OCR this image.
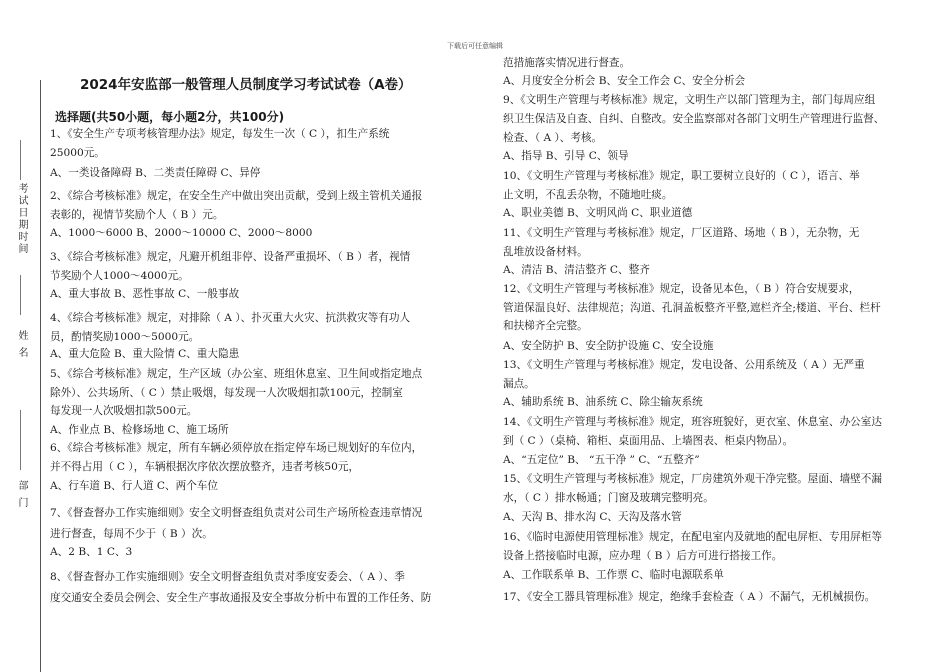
下载后可任意编辑
考试日期时间
姓 名
部 门
2024年安监部一般管理人员制度学习考试试卷（A卷）
选择题(共50小题，每小题2分，共100分)

1、《安全生产专项考核管理办法》规定，每发生一次（ C ），扣生产系统

25000元。

A、一类设备障碍 B、二类责任障碍 C、异停

2、《综合考核标准》规定，在安全生产中做出突出贡献，受到上级主管机关通报

表彰的，视情节奖励个人（ B ）元。

A、1000～6000 B、2000～10000 C、2000～8000

3、《综合考核标准》规定，凡避开机组非停、设备严重损坏、（ B ）者，视情

节奖励个人1000～4000元。

A、重大事故 B、恶性事故 C、一般事故

4、《综合考核标准》规定，对排除（ A ）、扑灭重大火灾、抗洪救灾等有功人

员，酌情奖励1000～5000元。

A、重大危险 B、重大险情 C、重大隐患

5、《综合考核标准》规定，生产区域（办公室、班组休息室、卫生间或指定地点

除外）、公共场所、（ C ）禁止吸烟，每发现一人次吸烟扣款100元，控制室

每发现一人次吸烟扣款500元。

A、作业点 B、检修场地 C、施工场所

6、《综合考核标准》规定，所有车辆必须停放在指定停车场已规划好的车位内，

并不得占用（ C ），车辆根据次序依次摆放整齐，违者考核50元，

A、行车道 B、行人道 C、两个车位

7、《督查督办工作实施细则》安全文明督查组负责对公司生产场所检查违章情况

进行督查，每周不少于（ B ）次。

A、2 B、1 C、3

8、《督查督办工作实施细则》安全文明督查组负责对季度安委会、（ A ）、季

度交通安全委员会例会、安全生产事故通报及安全事故分析中布置的工作任务、防

范措施落实情况进行督查。

A、月度安全分析会 B、安全工作会 C、安全分析会

9、《文明生产管理与考核标准》规定，文明生产以部门管理为主，部门每周应组

织卫生保洁及自查、自纠、自整改。安全监察部对各部门文明生产管理进行监督、

检查、（ A ）、考核。

A、指导 B、引导 C、领导

10、《文明生产管理与考核标准》规定，职工要树立良好的（ C ），语言、举

止文明，不乱丢杂物，不随地吐痰。

A、职业美德 B、文明风尚 C、职业道德

11、《文明生产管理与考核标准》规定，厂区道路、场地（ B ），无杂物，无

乱堆放设备材料。

A、清洁 B、清洁整齐 C、整齐

12、《文明生产管理与考核标准》规定，设备见本色，（ B ）符合安规要求，

管道保温良好、法律规范；沟道、孔洞盖板整齐平整,遮栏齐全;楼道、平台、栏杆

和扶梯齐全完整。

A、安全防护 B、安全防护设施 C、安全设施

13、《文明生产管理与考核标准》规定，发电设备、公用系统及（ A ）无严重

漏点。

A、辅助系统 B、油系统 C、除尘输灰系统

14、《文明生产管理与考核标准》规定，班容班貌好，更衣室、休息室、办公室达

到（ C ）（桌椅、箱柜、桌面用品、上墙图表、柜桌内物品）。

A、“五定位” B、 “五干净 ” C、“五整齐”

15、《文明生产管理与考核标准》规定，厂房建筑外观干净完整。屋面、墙壁不漏

水，（ C ）排水畅通；门窗及玻璃完整明亮。

A、天沟 B、排水沟 C、天沟及落水管

16、《临时电源使用管理标准》规定，在配电室内及就地的配电屏柜、专用屏柜等

设备上搭接临时电源，应办理（ B ）后方可进行搭接工作。

A、工作联系单 B、工作票 C、临时电源联系单

17、《安全工器具管理标准》规定，绝缘手套检查（ A ）不漏气，无机械损伤。
